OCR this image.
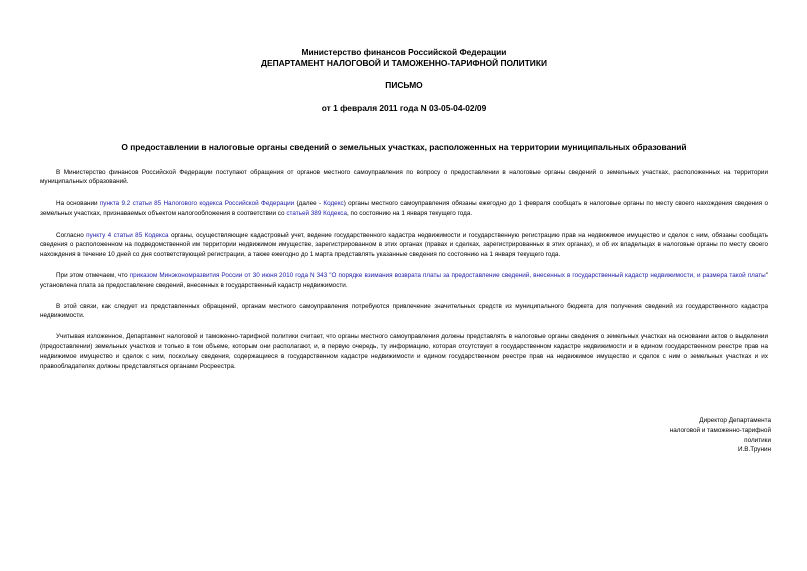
Министерство финансов Российской Федерации
ДЕПАРТАМЕНТ НАЛОГОВОЙ И ТАМОЖЕННО-ТАРИФНОЙ ПОЛИТИКИ
ПИСЬМО
от 1 февраля 2011 года N 03-05-04-02/09
О предоставлении в налоговые органы сведений о земельных участках, расположенных на территории муниципальных образований

В Министерство финансов Российской Федерации поступают обращения от органов местного самоуправления по вопросу о предоставлении в налоговые органы сведений о земельных участках, расположенных на территории муниципальных образований.

На основании пункта 9.2 статьи 85 Налогового кодекса Российской Федерации (далее - Кодекс) органы местного самоуправления обязаны ежегодно до 1 февраля сообщать в налоговые органы по месту своего нахождения сведения о земельных участках, признаваемых объектом налогообложения в соответствии со статьей 389 Кодекса, по состоянию на 1 января текущего года.

Согласно пункту 4 статьи 85 Кодекса органы, осуществляющие кадастровый учет, ведение государственного кадастра недвижимости и государственную регистрацию прав на недвижимое имущество и сделок с ним, обязаны сообщать сведения о расположенном на подведомственной им территории недвижимом имуществе, зарегистрированном в этих органах (правах и сделках, зарегистрированных в этих органах), и об их владельцах в налоговые органы по месту своего нахождения в течение 10 дней со дня соответствующей регистрации, а также ежегодно до 1 марта представлять указанные сведения по состоянию на 1 января текущего года.

При этом отмечаем, что приказом Минэкономразвития России от 30 июня 2010 года N 343 "О порядке взимания возврата платы за предоставление сведений, внесенных в государственный кадастр недвижимости, и размера такой платы" установлена плата за предоставление сведений, внесенных в государственный кадастр недвижимости.

В этой связи, как следует из представленных обращений, органам местного самоуправления потребуются привлечение значительных средств из муниципального бюджета для получения сведений из государственного кадастра недвижимости.

Учитывая изложенное, Департамент налоговой и таможенно-тарифной политики считает, что органы местного самоуправления должны представлять в налоговые органы сведения о земельных участках на основании актов о выделении (предоставлении) земельных участков и только в том объеме, которым они располагают, и, в первую очередь, ту информацию, которая отсутствует в государственном кадастре недвижимости и в едином государственном реестре прав на недвижимое имущество и сделок с ним, поскольку сведения, содержащиеся в государственном кадастре недвижимости и едином государственном реестре прав на недвижимое имущество и сделок с ним о земельных участках и их правообладателях должны представляться органами Росреестра.

Директор Департамента
налоговой и таможенно-тарифной
политики
И.В.Трунин
